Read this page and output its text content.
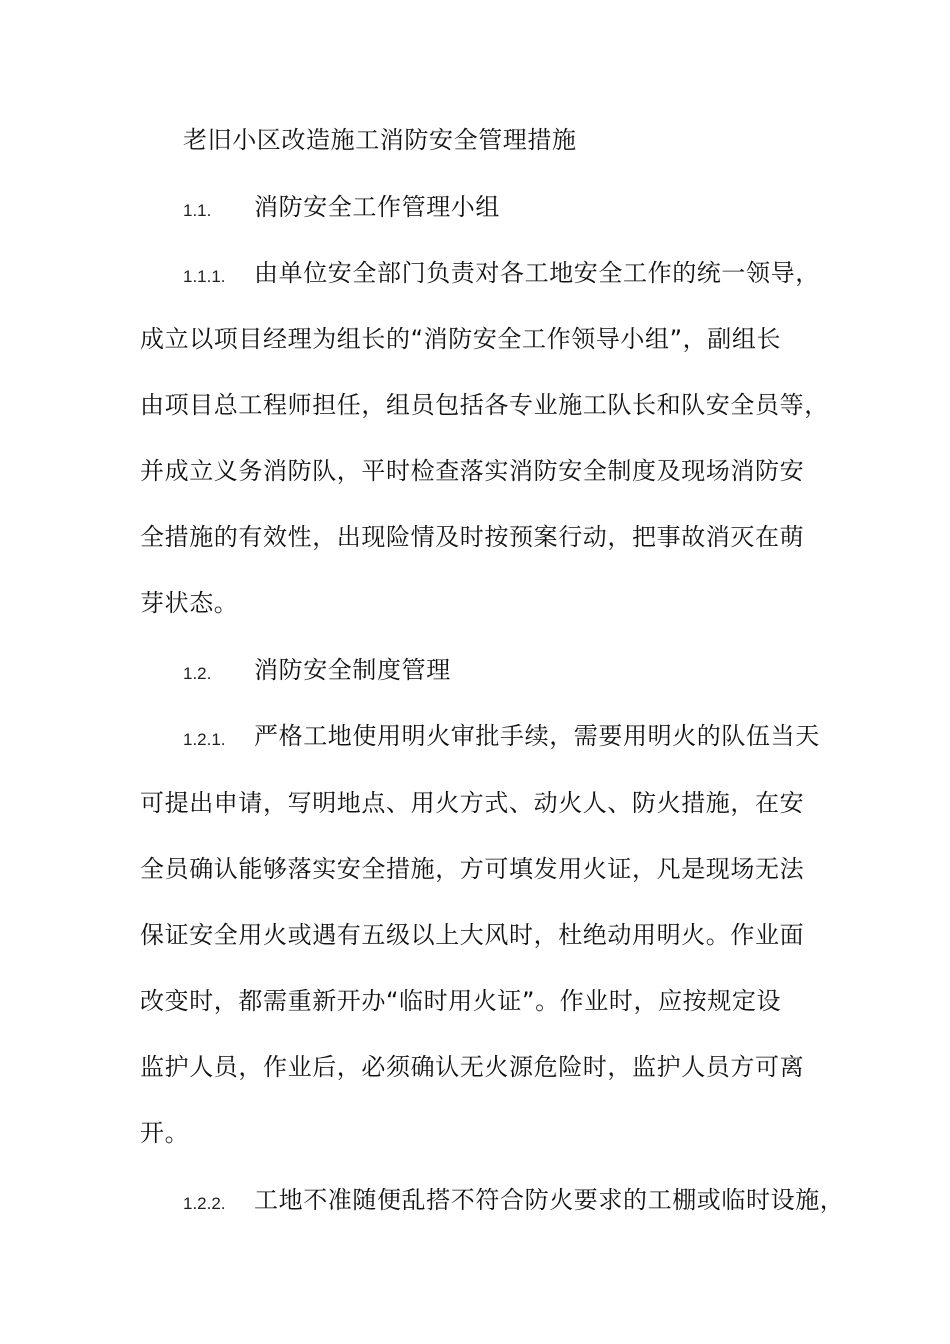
老旧小区改造施工消防安全管理措施
1.1. 消防安全工作管理小组
1.1.1. 由单位安全部门负责对各工地安全工作的统一领导，
成立以项目经理为组长的“消防安全工作领导小组”，副组长
由项目总工程师担任，组员包括各专业施工队长和队安全员等，
并成立义务消防队，平时检查落实消防安全制度及现场消防安
全措施的有效性，出现险情及时按预案行动，把事故消灭在萌
芽状态。
1.2. 消防安全制度管理
1.2.1. 严格工地使用明火审批手续，需要用明火的队伍当天
可提出申请，写明地点、用火方式、动火人、防火措施，在安
全员确认能够落实安全措施，方可填发用火证，凡是现场无法
保证安全用火或遇有五级以上大风时，杜绝动用明火。作业面
改变时，都需重新开办“临时用火证”。作业时，应按规定设
监护人员，作业后，必须确认无火源危险时，监护人员方可离
开。
1.2.2. 工地不准随便乱搭不符合防火要求的工棚或临时设施，
